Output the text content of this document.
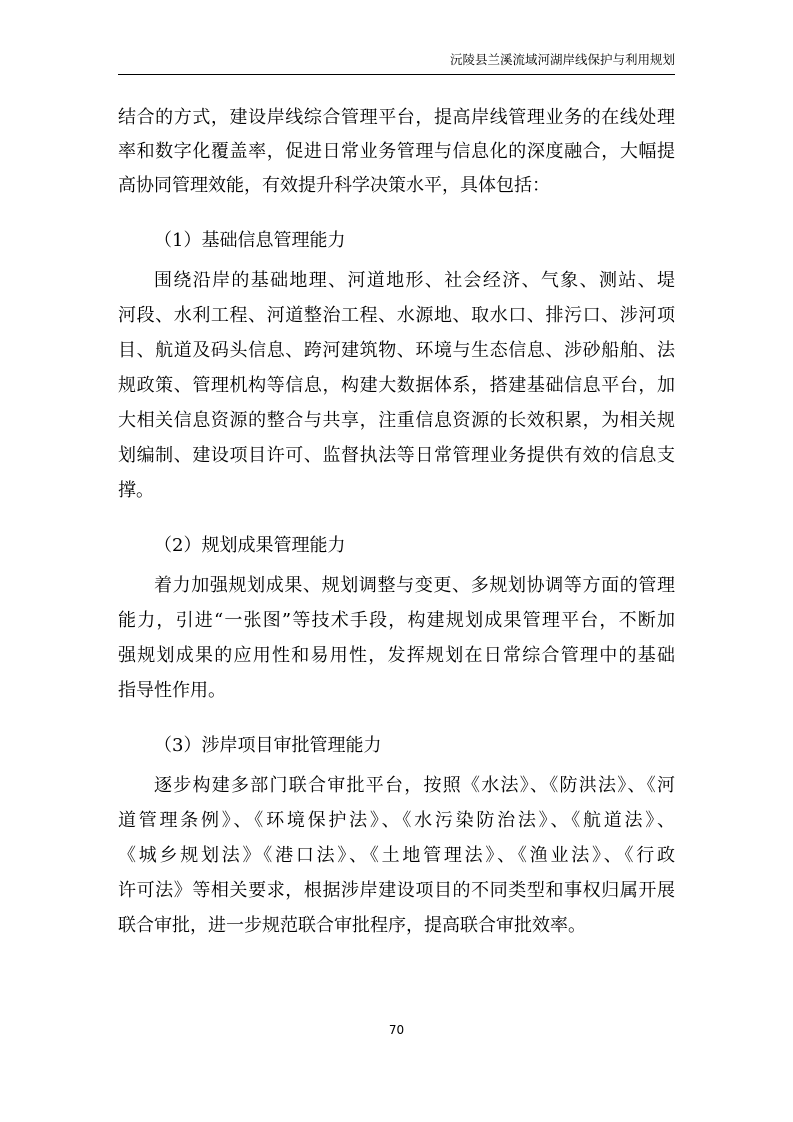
沅陵县兰溪流域河湖岸线保护与利用规划
结合的方式，建设岸线综合管理平台，提高岸线管理业务的在线处理
率和数字化覆盖率，促进日常业务管理与信息化的深度融合，大幅提
高协同管理效能，有效提升科学决策水平，具体包括：
（1）基础信息管理能力
围绕沿岸的基础地理、河道地形、社会经济、气象、测站、堤
河段、水利工程、河道整治工程、水源地、取水口、排污口、涉河项
目、航道及码头信息、跨河建筑物、环境与生态信息、涉砂船舶、法
规政策、管理机构等信息，构建大数据体系，搭建基础信息平台，加
大相关信息资源的整合与共享，注重信息资源的长效积累，为相关规
划编制、建设项目许可、监督执法等日常管理业务提供有效的信息支
撑。
（2）规划成果管理能力
着力加强规划成果、规划调整与变更、多规划协调等方面的管理
能力，引进“一张图”等技术手段，构建规划成果管理平台，不断加
强规划成果的应用性和易用性，发挥规划在日常综合管理中的基础
指导性作用。
（3）涉岸项目审批管理能力
逐步构建多部门联合审批平台，按照《水法》、《防洪法》、《河
道管理条例》、《环境保护法》、《水污染防治法》、《航道法》、
《城乡规划法》《港口法》、《土地管理法》、《渔业法》、《行政
许可法》等相关要求，根据涉岸建设项目的不同类型和事权归属开展
联合审批，进一步规范联合审批程序，提高联合审批效率。
70
